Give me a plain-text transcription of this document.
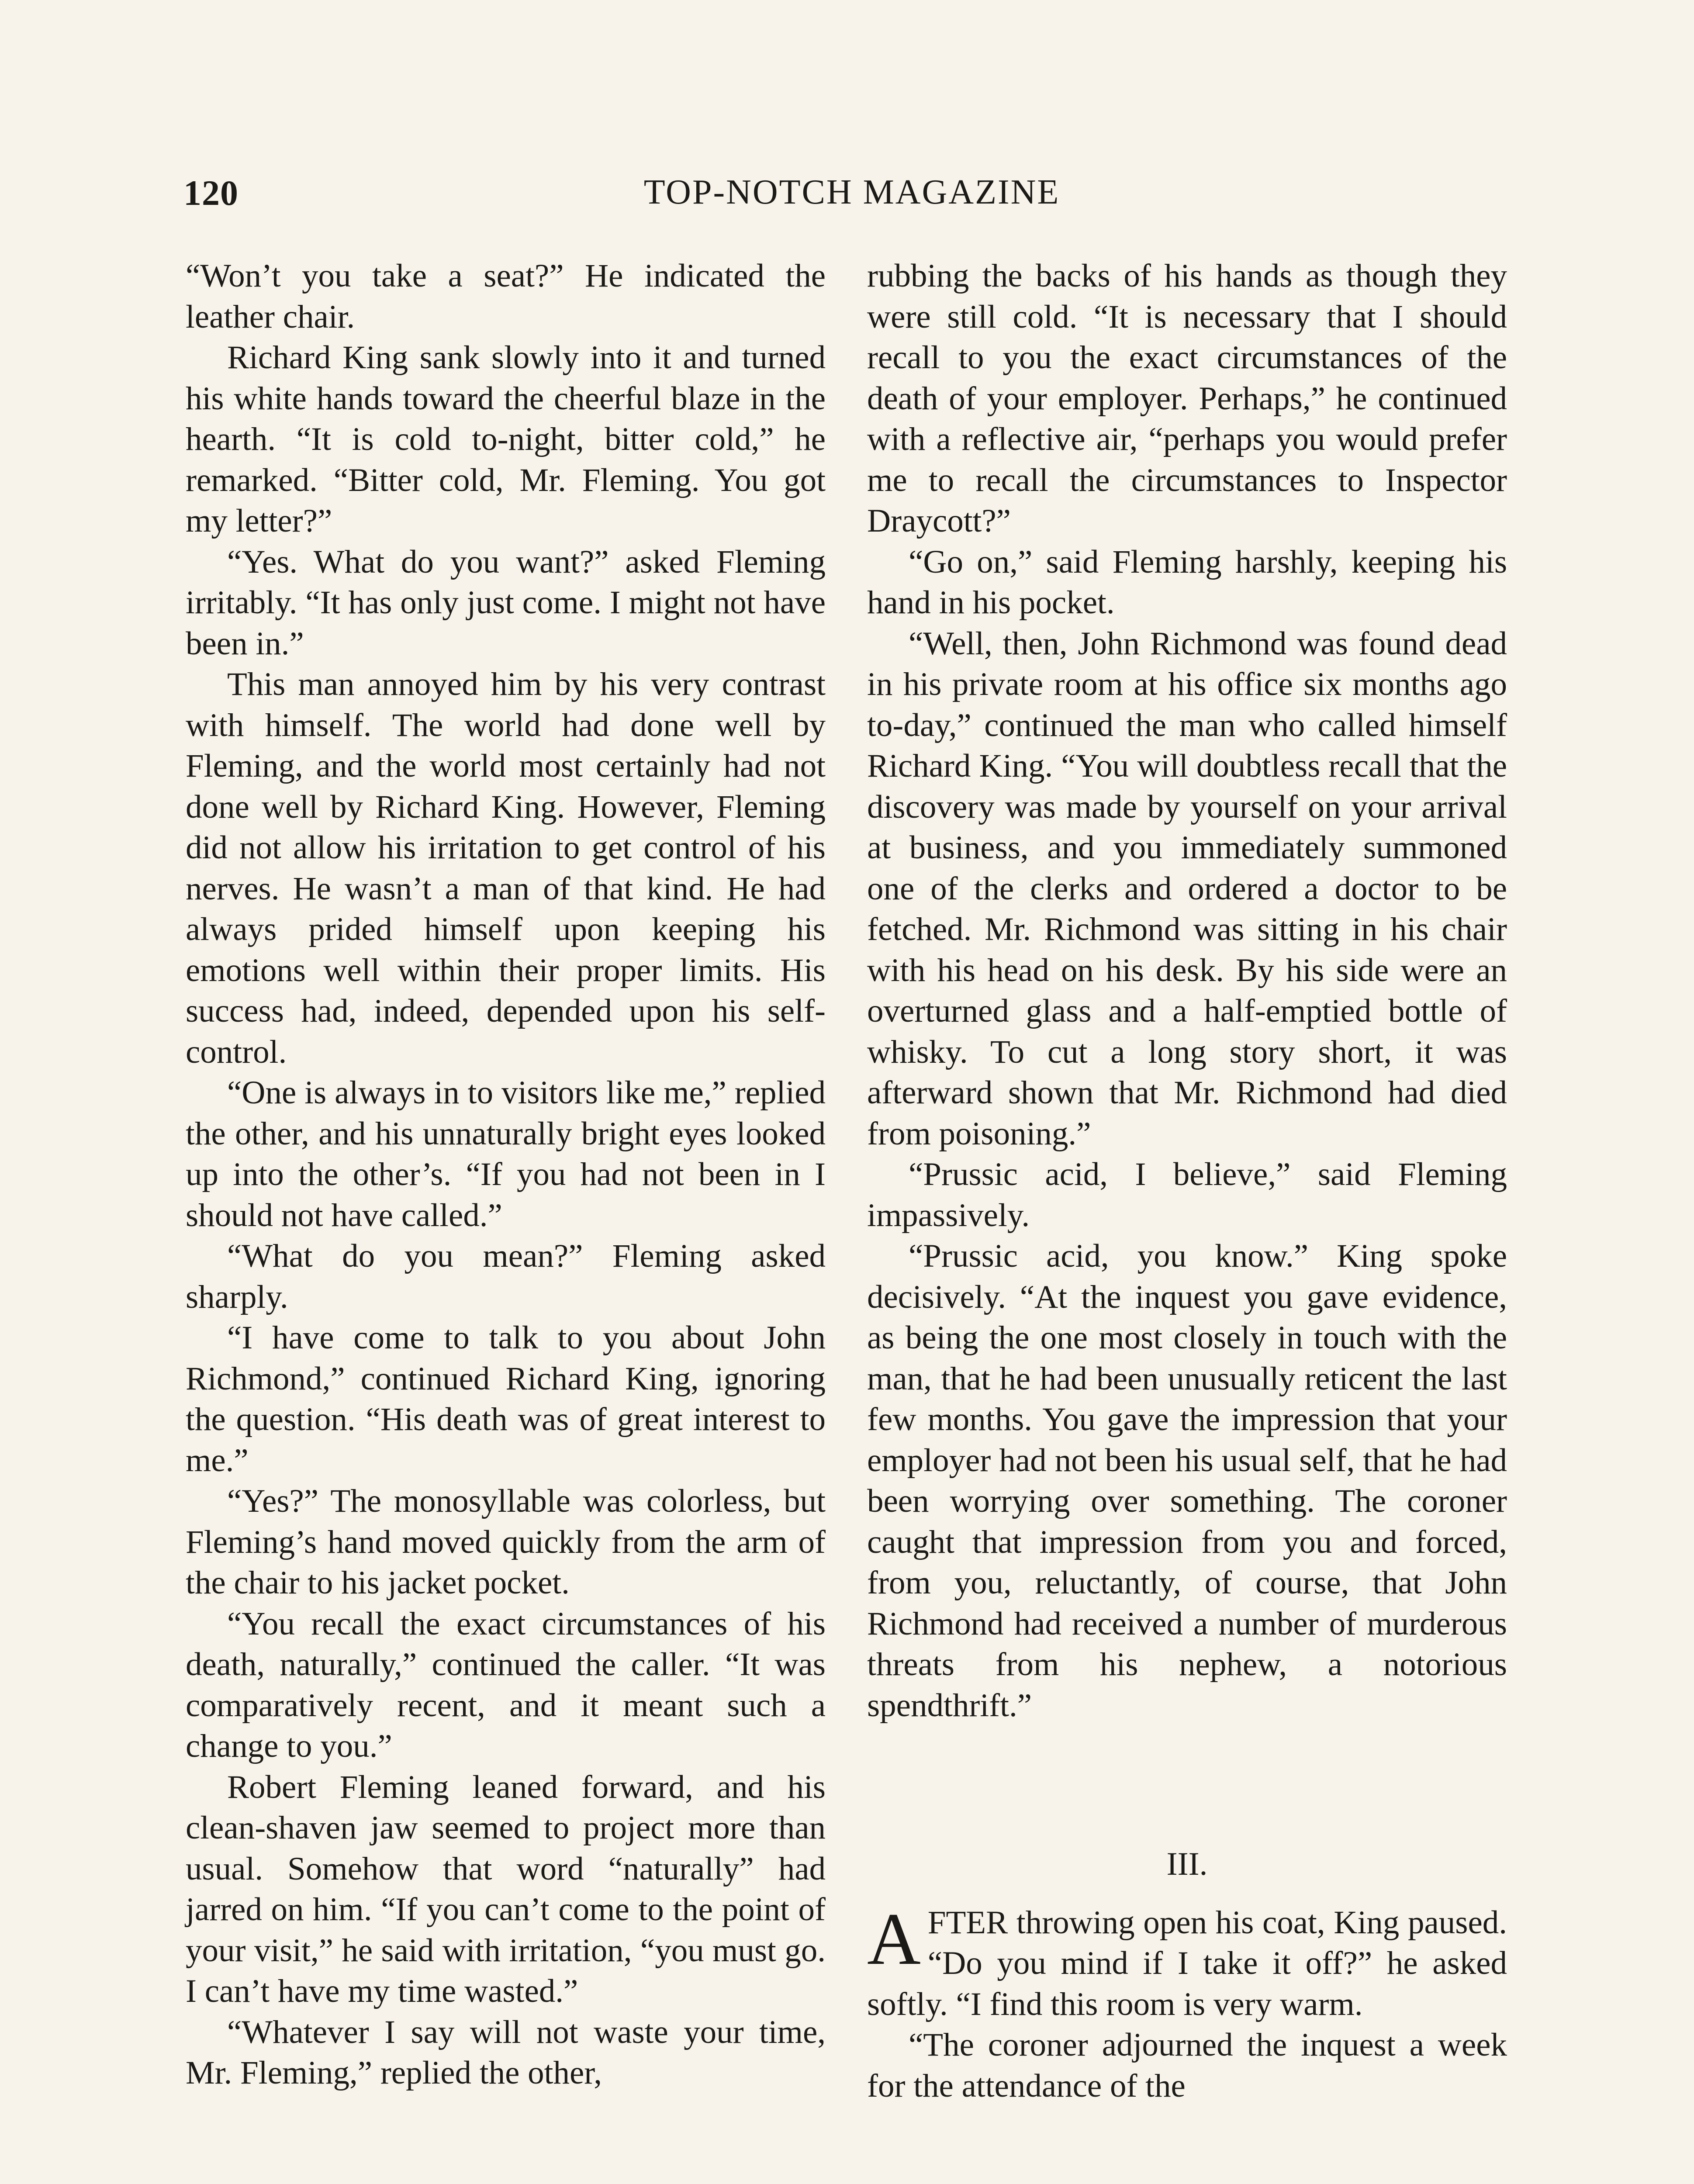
120	TOP-NOTCH MAGAZINE

“Won’t you take a seat?” He indicated the leather chair.

Richard King sank slowly into it and turned his white hands toward the cheerful blaze in the hearth. “It is cold to-night, bitter cold,” he remarked. “Bitter cold, Mr. Fleming. You got my letter?”

“Yes. What do you want?” asked Fleming irritably. “It has only just come. I might not have been in.”

This man annoyed him by his very contrast with himself. The world had done well by Fleming, and the world most certainly had not done well by Richard King. However, Fleming did not allow his irritation to get control of his nerves. He wasn’t a man of that kind. He had always prided himself upon keeping his emotions well within their proper limits. His success had, indeed, depended upon his self-control.

“One is always in to visitors like me,” replied the other, and his unnaturally bright eyes looked up into the other’s. “If you had not been in I should not have called.”

“What do you mean?” Fleming asked sharply.

“I have come to talk to you about John Richmond,” continued Richard King, ignoring the question. “His death was of great interest to me.”

“Yes?” The monosyllable was colorless, but Fleming’s hand moved quickly from the arm of the chair to his jacket pocket.

“You recall the exact circumstances of his death, naturally,” continued the caller. “It was comparatively recent, and it meant such a change to you.”

Robert Fleming leaned forward, and his clean-shaven jaw seemed to project more than usual. Somehow that word “naturally” had jarred on him. “If you can’t come to the point of your visit,” he said with irritation, “you must go. I can’t have my time wasted.”

“Whatever I say will not waste your time, Mr. Fleming,” replied the other,

rubbing the backs of his hands as though they were still cold. “It is necessary that I should recall to you the exact circumstances of the death of your employer. Perhaps,” he continued with a reflective air, “perhaps you would prefer me to recall the circumstances to Inspector Draycott?”

“Go on,” said Fleming harshly, keeping his hand in his pocket.

“Well, then, John Richmond was found dead in his private room at his office six months ago to-day,” continued the man who called himself Richard King. “You will doubtless recall that the discovery was made by yourself on your arrival at business, and you immediately summoned one of the clerks and ordered a doctor to be fetched. Mr. Richmond was sitting in his chair with his head on his desk. By his side were an overturned glass and a half-emptied bottle of whisky. To cut a long story short, it was afterward shown that Mr. Richmond had died from poisoning.”

“Prussic acid, I believe,” said Fleming impassively.

“Prussic acid, you know.” King spoke decisively. “At the inquest you gave evidence, as being the one most closely in touch with the man, that he had been unusually reticent the last few months. You gave the impression that your employer had not been his usual self, that he had been worrying over something. The coroner caught that impression from you and forced, from you, reluctantly, of course, that John Richmond had received a number of murderous threats from his nephew, a notorious spendthrift.”

III.

AFTER throwing open his coat, King paused. “Do you mind if I take it off?” he asked softly. “I find this room is very warm.

“The coroner adjourned the inquest a week for the attendance of the
